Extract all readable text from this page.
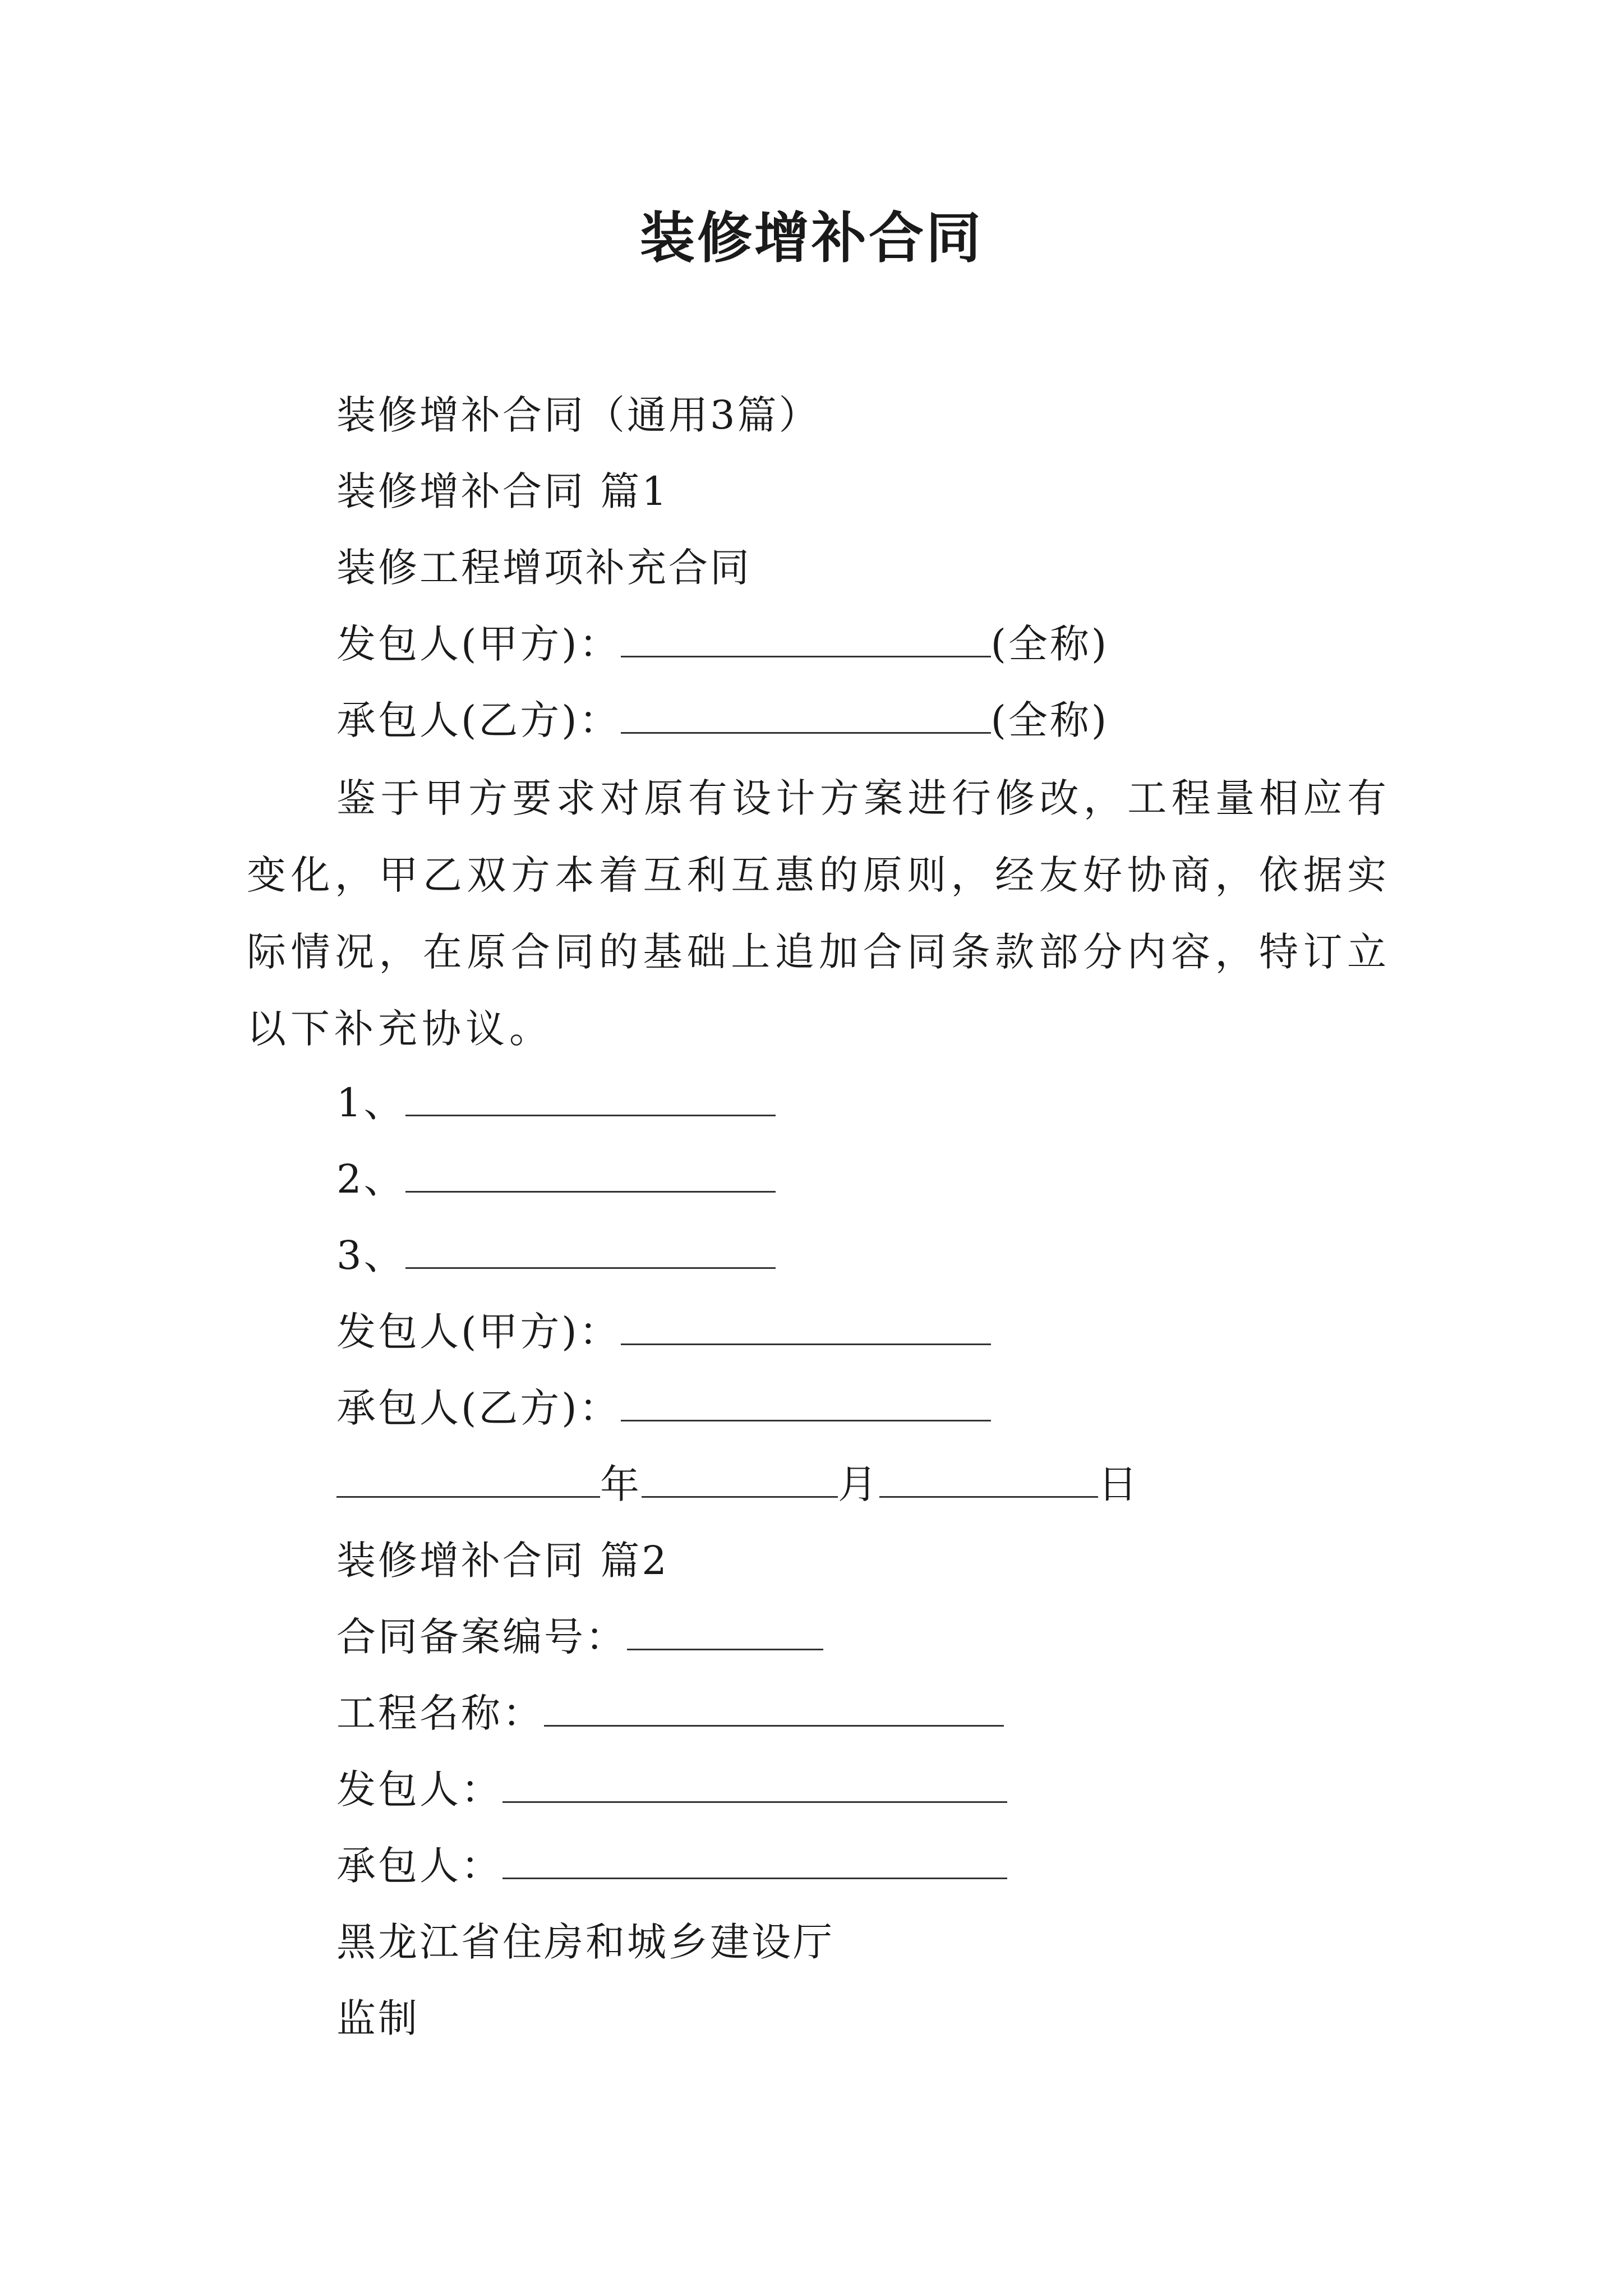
装修增补合同
装修增补合同（通用3篇）
装修增补合同 篇1
装修工程增项补充合同
发包人(甲方)：	(全称)
承包人(乙方)：	(全称)
鉴于甲方要求对原有设计方案进行修改，工程量相应有变化，甲乙双方本着互利互惠的原则，经友好协商，依据实际情况，在原合同的基础上追加合同条款部分内容，特订立以下补充协议。
1、
2、
3、
发包人(甲方)：
承包人(乙方)：
年	月	日
装修增补合同 篇2
合同备案编号：
工程名称：
发包人：
承包人：
黑龙江省住房和城乡建设厅
监制
